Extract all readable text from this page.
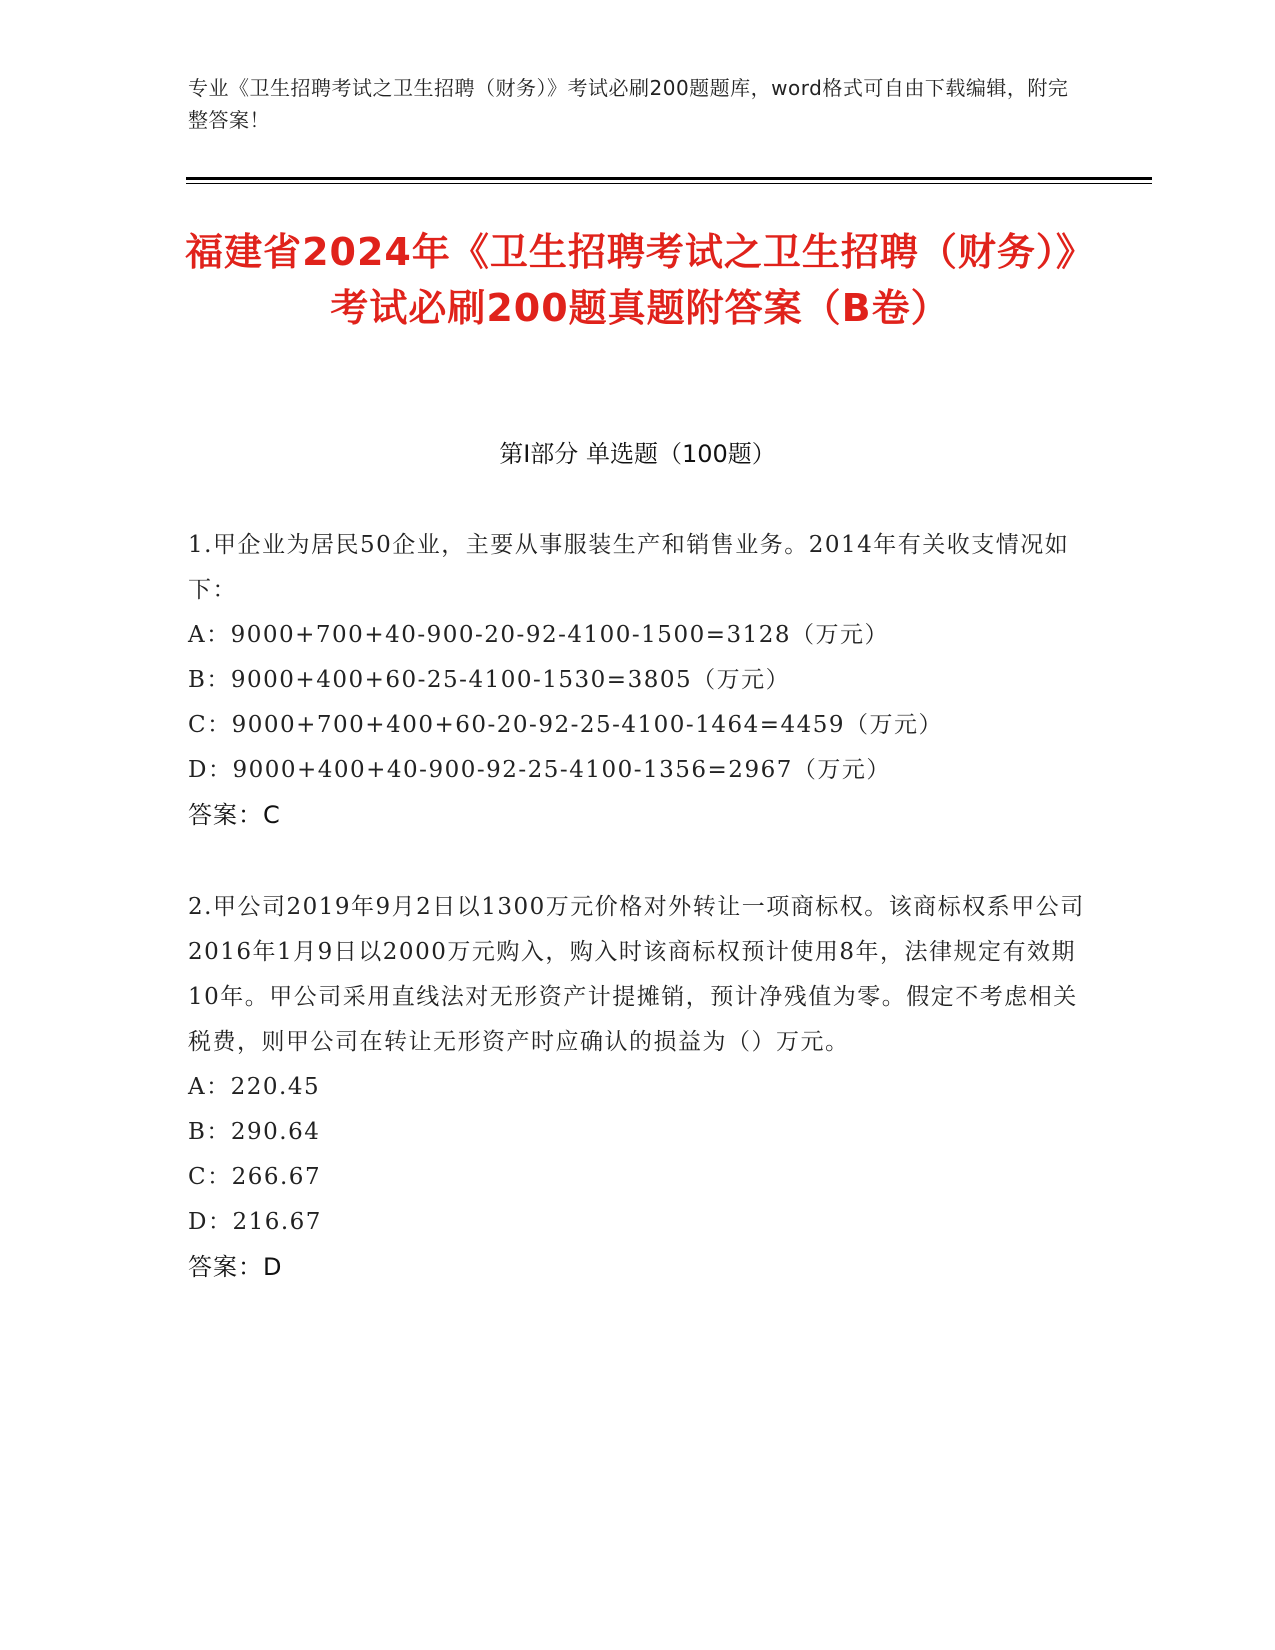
专业《卫生招聘考试之卫生招聘（财务）》考试必刷200题题库，word格式可自由下载编辑，附完整答案！
福建省2024年《卫生招聘考试之卫生招聘（财务）》考试必刷200题真题附答案（B卷）
第Ⅰ部分 单选题（100题）

1.甲企业为居民50企业，主要从事服装生产和销售业务。2014年有关收支情况如下：

A：9000+700+40-900-20-92-4100-1500=3128（万元）

B：9000+400+60-25-4100-1530=3805（万元）

C：9000+700+400+60-20-92-25-4100-1464=4459（万元）

D：9000+400+40-900-92-25-4100-1356=2967（万元）

答案：C

2.甲公司2019年9月2日以1300万元价格对外转让一项商标权。该商标权系甲公司2016年1月9日以2000万元购入，购入时该商标权预计使用8年，法律规定有效期10年。甲公司采用直线法对无形资产计提摊销，预计净残值为零。假定不考虑相关税费，则甲公司在转让无形资产时应确认的损益为（）万元。

A：220.45

B：290.64

C：266.67

D：216.67

答案：D
